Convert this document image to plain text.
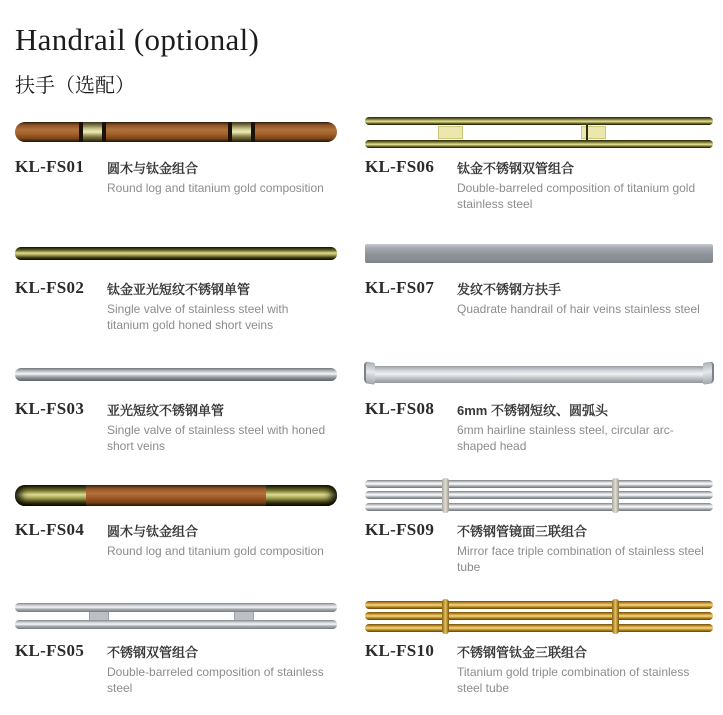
Handrail (optional)
扶手（选配）
KL-FS01	圆木与钛金组合
Round log and titanium gold composition
KL-FS02	钛金亚光短纹不锈钢单管
Single valve of stainless steel with titanium gold honed short veins
KL-FS03	亚光短纹不锈钢单管
Single valve of stainless steel with honed short veins
KL-FS04	圆木与钛金组合
Round log and titanium gold composition
KL-FS05	不锈钢双管组合
Double-barreled composition of stainless steel
KL-FS06	钛金不锈钢双管组合
Double-barreled composition of titanium gold stainless steel
KL-FS07	发纹不锈钢方扶手
Quadrate handrail of hair veins stainless steel
KL-FS08	6mm 不锈钢短纹、圆弧头
6mm hairline stainless steel, circular arc-shaped head
KL-FS09	不锈钢管镜面三联组合
Mirror face triple combination of stainless steel tube
KL-FS10	不锈钢管钛金三联组合
Titanium gold triple combination of stainless steel tube
